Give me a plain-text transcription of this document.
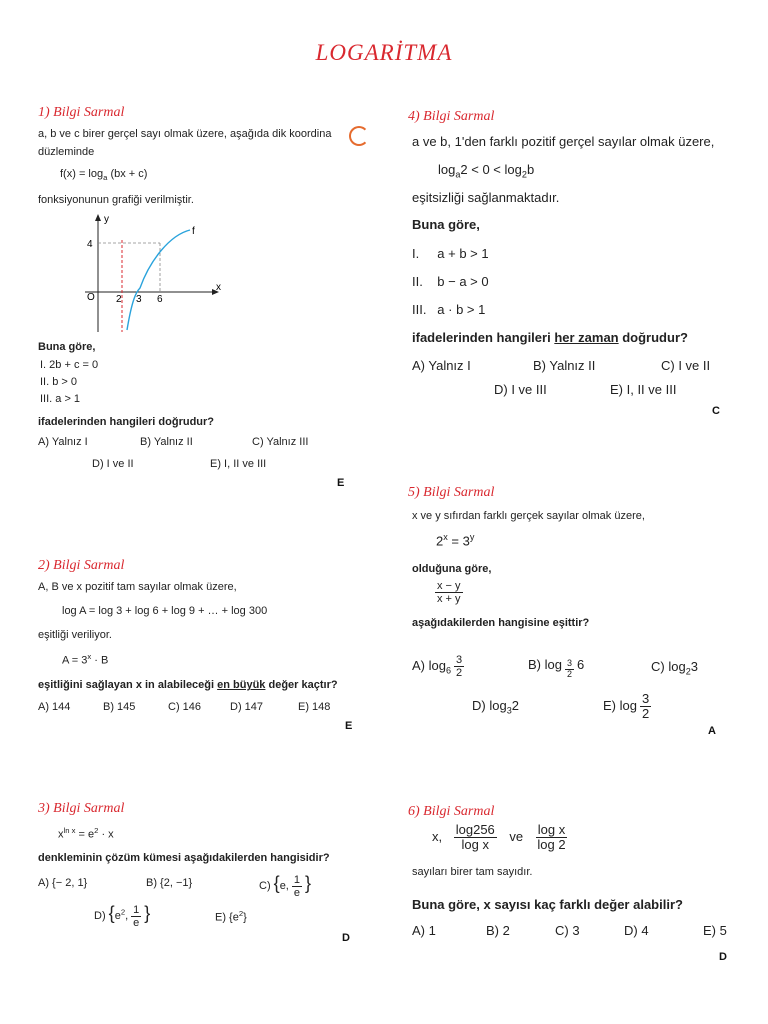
LOGARİTMA
1) Bilgi Sarmal
a, b ve c birer gerçel sayı olmak üzere, aşağıda dik koordina
düzleminde
$f(x) = \log_a (bx + c)$
fonksiyonunun grafiği verilmiştir.
y
x
O
4
2 3 6
f
Buna göre,
I. 2b + c = 0
II. b > 0
III. a > 1
ifadelerinden hangileri doğrudur?
A) Yalnız I	B) Yalnız II	C) Yalnız III
D) I ve II	E) I, II ve III
E
2) Bilgi Sarmal
A, B ve x pozitif tam sayılar olmak üzere,
log A = log 3 + log 6 + log 9 + … + log 300
eşitliği veriliyor.
$A = 3^x \cdot B$
eşitliğini sağlayan x in alabileceği en büyük değer kaçtır?
A) 144	B) 145	C) 146	D) 147	E) 148
E
3) Bilgi Sarmal
$x^{ln x} = e^2 \cdot x$
denkleminin çözüm kümesi aşağıdakilerden hangisidir?
A) {− 2, 1}	B) {2, −1}	C) {e, $\frac{1}{e}$ }
D) {$e^2$, $\frac{1}{e}$ }	E) $\{e^2\}$
D
4) Bilgi Sarmal
a ve b, 1'den farklı pozitif gerçel sayılar olmak üzere,
$\log_a2 < 0 < \log_2b$
eşitsizliği sağlanmaktadır.
Buna göre,
I.     a + b > 1
II.    b − a > 0
III.   a · b > 1
ifadelerinden hangileri her zaman doğrudur?
A) Yalnız I	B) Yalnız II	C) I ve II
D) I ve III	E) I, II ve III
C
5) Bilgi Sarmal
x ve y sıfırdan farklı gerçek sayılar olmak üzere,
$2^x = 3^y$
olduğuna göre,
$\frac{x - y}{x + y}$
aşağıdakilerden hangisine eşittir?
A) $\log_6 \frac{3}{2}$	B) $\log \frac{3}{2} 6$	C) $\log_23$
D) $\log_32$	E) $\log \frac{3}{2}$
A
6) Bilgi Sarmal
x, $\frac{\log 256}{\text{log x}}$ ve $\frac{\text{log x}}{\log 2}$
sayıları birer tam sayıdır.
Buna göre, x sayısı kaç farklı değer alabilir?
A) 1	B) 2	C) 3	D) 4	E) 5
D
